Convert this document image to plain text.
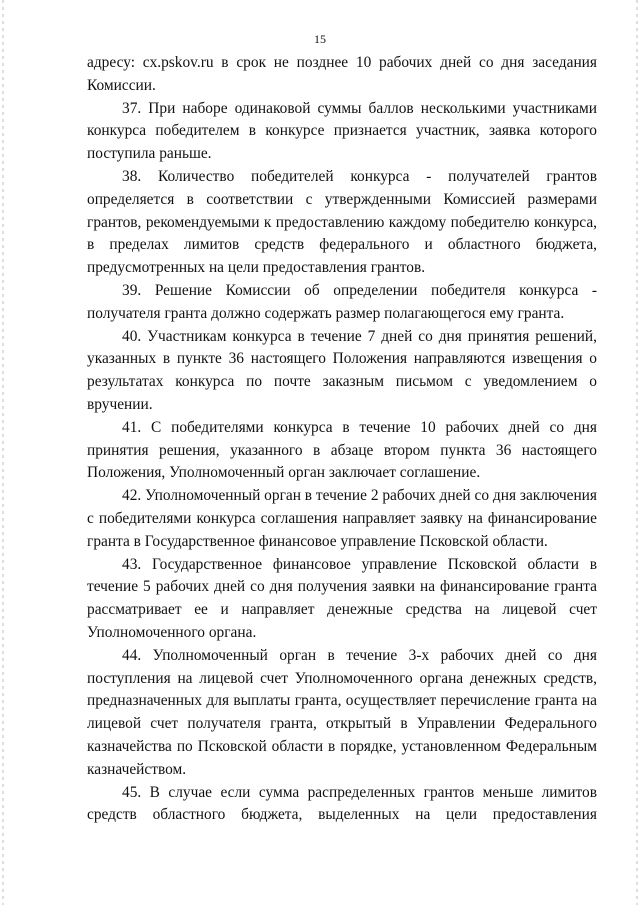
15

адресу: cx.pskov.ru в срок не позднее 10 рабочих дней со дня заседания Комиссии.

37. При наборе одинаковой суммы баллов несколькими участниками конкурса победителем в конкурсе признается участник, заявка которого поступила раньше.

38. Количество победителей конкурса - получателей грантов определяется в соответствии с утвержденными Комиссией размерами грантов, рекомендуемыми к предоставлению каждому победителю конкурса, в пределах лимитов средств федерального и областного бюджета, предусмотренных на цели предоставления грантов.

39. Решение Комиссии об определении победителя конкурса - получателя гранта должно содержать размер полагающегося ему гранта.

40. Участникам конкурса в течение 7 дней со дня принятия решений, указанных в пункте 36 настоящего Положения направляются извещения о результатах конкурса по почте заказным письмом с уведомлением о вручении.

41. С победителями конкурса в течение 10 рабочих дней со дня принятия решения, указанного в абзаце втором пункта 36 настоящего Положения, Уполномоченный орган заключает соглашение.

42. Уполномоченный орган в течение 2 рабочих дней со дня заключения с победителями конкурса соглашения направляет заявку на финансирование гранта в Государственное финансовое управление Псковской области.

43. Государственное финансовое управление Псковской области в течение 5 рабочих дней со дня получения заявки на финансирование гранта рассматривает ее и направляет денежные средства на лицевой счет Уполномоченного органа.

44. Уполномоченный орган в течение 3-х рабочих дней со дня поступления на лицевой счет Уполномоченного органа денежных средств, предназначенных для выплаты гранта, осуществляет перечисление гранта на лицевой счет получателя гранта, открытый в Управлении Федерального казначейства по Псковской области в порядке, установленном Федеральным казначейством.

45. В случае если сумма распределенных грантов меньше лимитов средств областного бюджета, выделенных на цели предоставления
